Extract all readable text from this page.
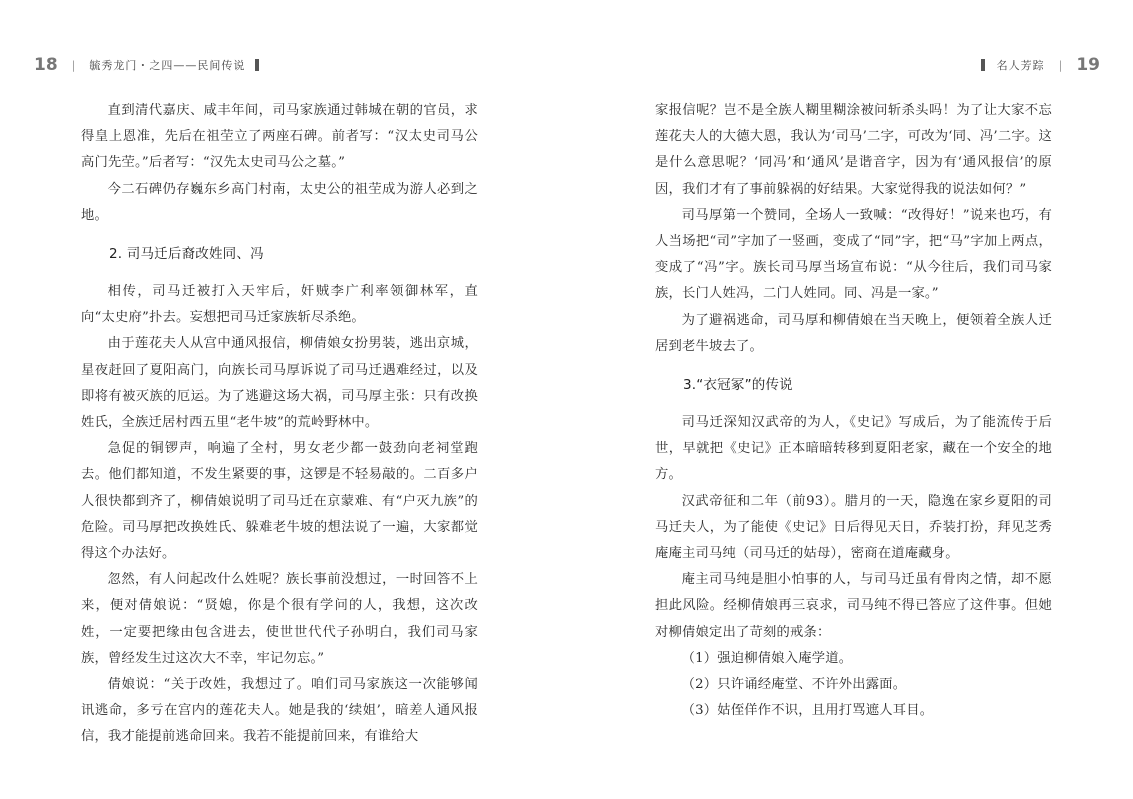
18 | 毓秀龙门・之四——民间传说	名人芳踪 | 19

直到清代嘉庆、咸丰年间，司马家族通过韩城在朝的官员，求得皇上恩准，先后在祖茔立了两座石碑。前者写：“汉太史司马公高门先茔。”后者写：“汉先太史司马公之墓。”

今二石碑仍存巍东乡高门村南，太史公的祖茔成为游人必到之地。

2. 司马迁后裔改姓同、冯

相传，司马迁被打入天牢后，奸贼李广利率领御林军，直向“太史府”扑去。妄想把司马迁家族斩尽杀绝。

由于莲花夫人从宫中通风报信，柳倩娘女扮男装，逃出京城，星夜赶回了夏阳高门，向族长司马厚诉说了司马迁遇难经过，以及即将有被灭族的厄运。为了逃避这场大祸，司马厚主张：只有改换姓氏，全族迁居村西五里“老牛坡”的荒岭野林中。

急促的铜锣声，响遍了全村，男女老少都一鼓劲向老祠堂跑去。他们都知道，不发生紧要的事，这锣是不轻易敲的。二百多户人很快都到齐了，柳倩娘说明了司马迁在京蒙难、有“户灭九族”的危险。司马厚把改换姓氏、躲难老牛坡的想法说了一遍，大家都觉得这个办法好。

忽然，有人问起改什么姓呢？族长事前没想过，一时回答不上来，便对倩娘说：“贤媳，你是个很有学问的人，我想，这次改姓，一定要把缘由包含进去，使世世代代子孙明白，我们司马家族，曾经发生过这次大不幸，牢记勿忘。”

倩娘说：“关于改姓，我想过了。咱们司马家族这一次能够闻讯逃命，多亏在宫内的莲花夫人。她是我的‘续姐’，暗差人通风报信，我才能提前逃命回来。我若不能提前回来，有谁给大

家报信呢？岂不是全族人糊里糊涂被问斩杀头吗！为了让大家不忘莲花夫人的大德大恩，我认为‘司马’二字，可改为‘同、冯’二字。这是什么意思呢？‘同冯’和‘通风’是谐音字，因为有‘通风报信’的原因，我们才有了事前躲祸的好结果。大家觉得我的说法如何？”

司马厚第一个赞同，全场人一致喊：“改得好！”说来也巧，有人当场把“司”字加了一竖画，变成了“同”字，把“马”字加上两点，变成了“冯”字。族长司马厚当场宣布说：“从今往后，我们司马家族，长门人姓冯，二门人姓同。同、冯是一家。”

为了避祸逃命，司马厚和柳倩娘在当天晚上，便领着全族人迁居到老牛坡去了。

3.“衣冠冢”的传说

司马迁深知汉武帝的为人，《史记》写成后，为了能流传于后世，早就把《史记》正本暗暗转移到夏阳老家，藏在一个安全的地方。

汉武帝征和二年（前93）。腊月的一天，隐逸在家乡夏阳的司马迁夫人，为了能使《史记》日后得见天日，乔装打扮，拜见芝秀庵庵主司马纯（司马迁的姑母），密商在道庵藏身。

庵主司马纯是胆小怕事的人，与司马迁虽有骨肉之情，却不愿担此风险。经柳倩娘再三哀求，司马纯不得已答应了这件事。但她对柳倩娘定出了苛刻的戒条：

（1）强迫柳倩娘入庵学道。

（2）只许诵经庵堂、不许外出露面。

（3）姑侄佯作不识，且用打骂遮人耳目。
